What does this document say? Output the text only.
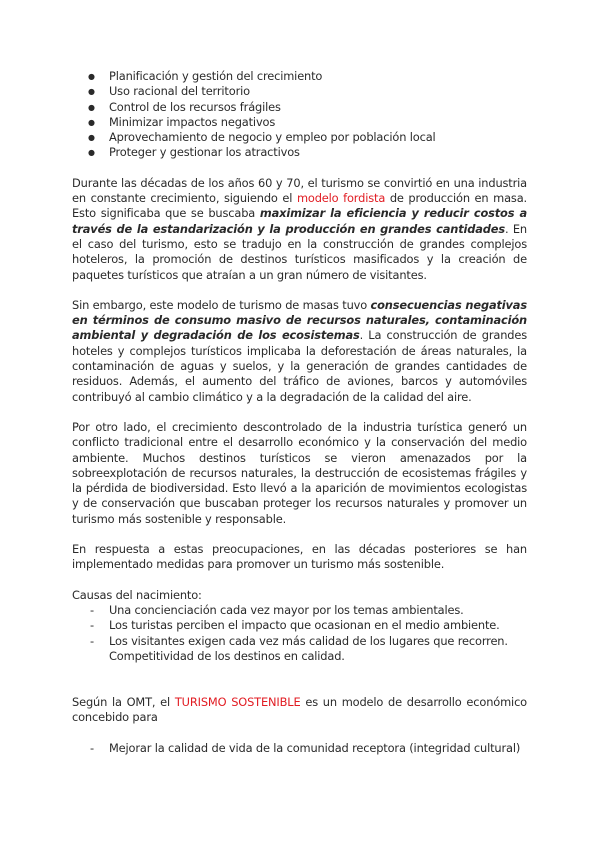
● Planificación y gestión del crecimiento
● Uso racional del territorio
● Control de los recursos frágiles
● Minimizar impactos negativos
● Aprovechamiento de negocio y empleo por población local
● Proteger y gestionar los atractivos

Durante las décadas de los años 60 y 70, el turismo se convirtió en una industria en constante crecimiento, siguiendo el modelo fordista de producción en masa. Esto significaba que se buscaba maximizar la eficiencia y reducir costos a través de la estandarización y la producción en grandes cantidades. En el caso del turismo, esto se tradujo en la construcción de grandes complejos hoteleros, la promoción de destinos turísticos masificados y la creación de paquetes turísticos que atraían a un gran número de visitantes.

Sin embargo, este modelo de turismo de masas tuvo consecuencias negativas en términos de consumo masivo de recursos naturales, contaminación ambiental y degradación de los ecosistemas. La construcción de grandes hoteles y complejos turísticos implicaba la deforestación de áreas naturales, la contaminación de aguas y suelos, y la generación de grandes cantidades de residuos. Además, el aumento del tráfico de aviones, barcos y automóviles contribuyó al cambio climático y a la degradación de la calidad del aire.

Por otro lado, el crecimiento descontrolado de la industria turística generó un conflicto tradicional entre el desarrollo económico y la conservación del medio ambiente. Muchos destinos turísticos se vieron amenazados por la sobreexplotación de recursos naturales, la destrucción de ecosistemas frágiles y la pérdida de biodiversidad. Esto llevó a la aparición de movimientos ecologistas y de conservación que buscaban proteger los recursos naturales y promover un turismo más sostenible y responsable.

En respuesta a estas preocupaciones, en las décadas posteriores se han implementado medidas para promover un turismo más sostenible.

Causas del nacimiento:

- Una concienciación cada vez mayor por los temas ambientales.
- Los turistas perciben el impacto que ocasionan en el medio ambiente.
- Los visitantes exigen cada vez más calidad de los lugares que recorren. Competitividad de los destinos en calidad.

Según la OMT, el TURISMO SOSTENIBLE es un modelo de desarrollo económico concebido para

- Mejorar la calidad de vida de la comunidad receptora (integridad cultural)
